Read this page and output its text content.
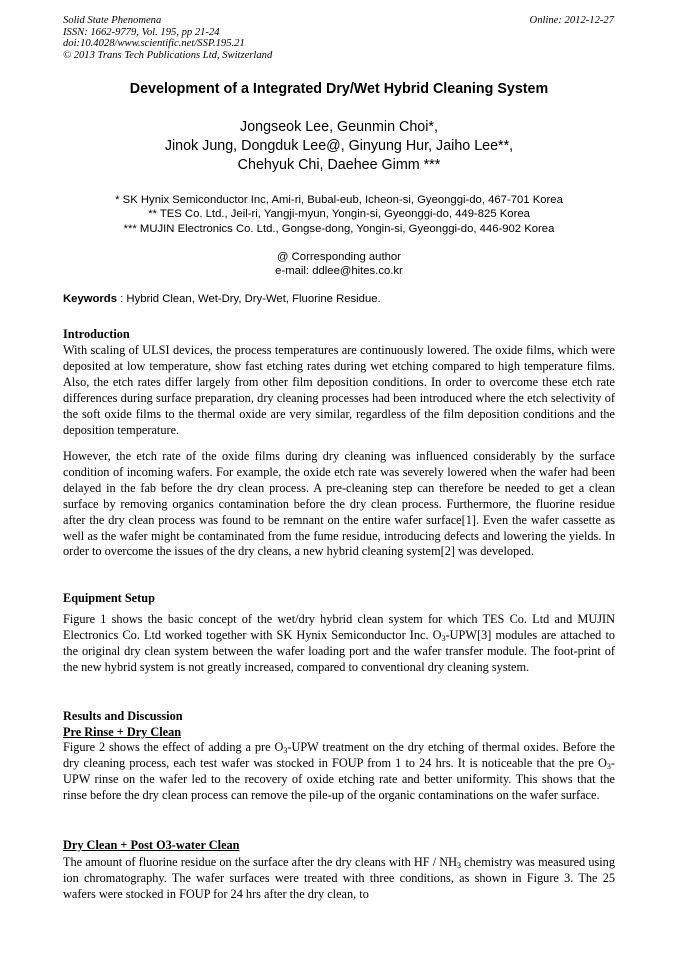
Solid State Phenomena
ISSN: 1662-9779, Vol. 195, pp 21-24
doi:10.4028/www.scientific.net/SSP.195.21
© 2013 Trans Tech Publications Ltd, Switzerland
Online: 2012-12-27
Development of a Integrated Dry/Wet Hybrid Cleaning System
Jongseok Lee, Geunmin Choi*,
Jinok Jung, Dongduk Lee@, Ginyung Hur, Jaiho Lee**,
Chehyuk Chi, Daehee Gimm ***
* SK Hynix Semiconductor Inc, Ami-ri, Bubal-eub, Icheon-si, Gyeonggi-do, 467-701 Korea
** TES Co. Ltd., Jeil-ri, Yangji-myun, Yongin-si, Gyeonggi-do, 449-825 Korea
*** MUJIN Electronics Co. Ltd., Gongse-dong, Yongin-si, Gyeonggi-do, 446-902 Korea
@ Corresponding author
e-mail: ddlee@hites.co.kr
Keywords : Hybrid Clean, Wet-Dry, Dry-Wet, Fluorine Residue.
Introduction
With scaling of ULSI devices, the process temperatures are continuously lowered. The oxide films, which were deposited at low temperature, show fast etching rates during wet etching compared to high temperature films. Also, the etch rates differ largely from other film deposition conditions. In order to overcome these etch rate differences during surface preparation, dry cleaning processes had been introduced where the etch selectivity of the soft oxide films to the thermal oxide are very similar, regardless of the film deposition conditions and the deposition temperature.
However, the etch rate of the oxide films during dry cleaning was influenced considerably by the surface condition of incoming wafers. For example, the oxide etch rate was severely lowered when the wafer had been delayed in the fab before the dry clean process. A pre-cleaning step can therefore be needed to get a clean surface by removing organics contamination before the dry clean process. Furthermore, the fluorine residue after the dry clean process was found to be remnant on the entire wafer surface[1]. Even the wafer cassette as well as the wafer might be contaminated from the fume residue, introducing defects and lowering the yields. In order to overcome the issues of the dry cleans, a new hybrid cleaning system[2] was developed.
Equipment Setup
Figure 1 shows the basic concept of the wet/dry hybrid clean system for which TES Co. Ltd and MUJIN Electronics Co. Ltd worked together with SK Hynix Semiconductor Inc. $O_3-UPW[3]$ modules are attached to the original dry clean system between the wafer loading port and the wafer transfer module. The foot-print of the new hybrid system is not greatly increased, compared to conventional dry cleaning system.
Results and Discussion
Pre Rinse + Dry Clean
Figure 2 shows the effect of adding a pre $O_3$-UPW treatment on the dry etching of thermal oxides. Before the dry cleaning process, each test wafer was stocked in FOUP from 1 to 24 hrs. It is noticeable that the pre $O_3$-UPW rinse on the wafer led to the recovery of oxide etching rate and better uniformity. This shows that the rinse before the dry clean process can remove the pile-up of the organic contaminations on the wafer surface.
Dry Clean + Post O3-water Clean
The amount of fluorine residue on the surface after the dry cleans with HF / $NH_3$ chemistry was measured using ion chromatography. The wafer surfaces were treated with three conditions, as shown in Figure 3. The 25 wafers were stocked in FOUP for 24 hrs after the dry clean, to
